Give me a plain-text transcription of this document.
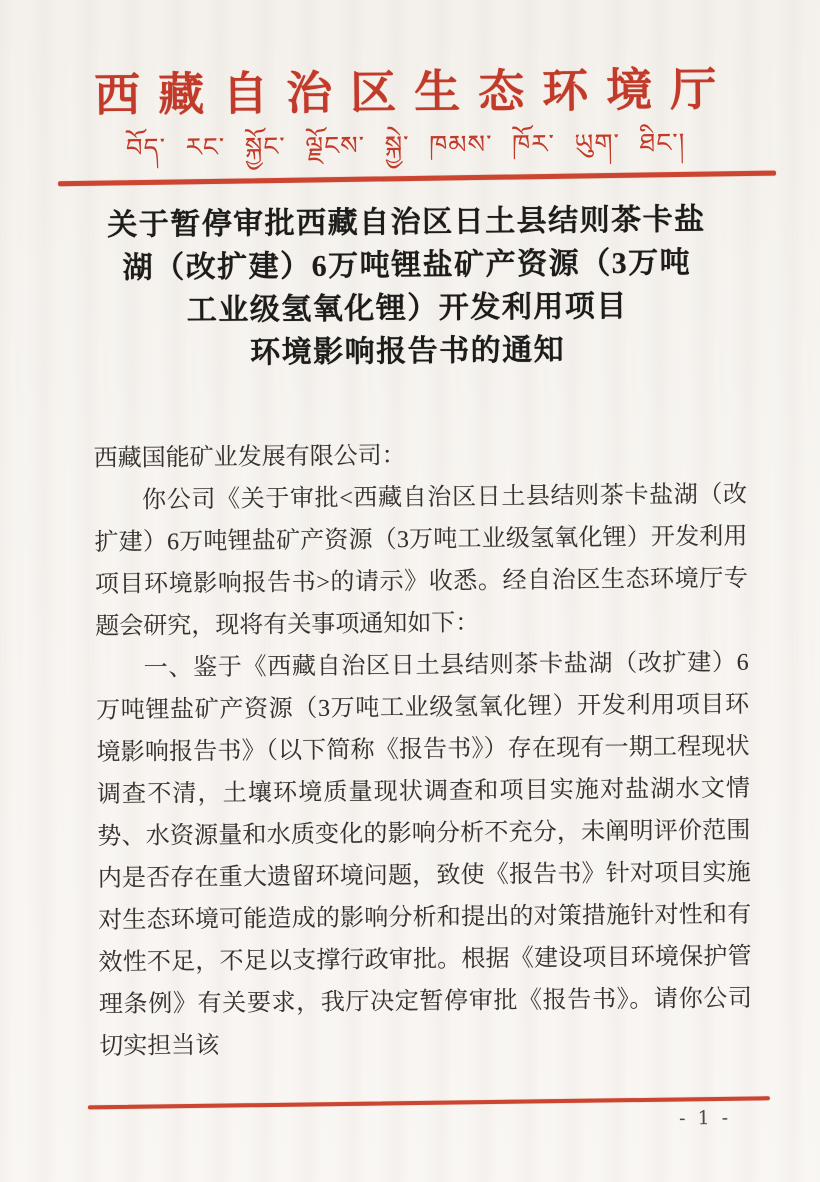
西藏自治区生态环境厅
བོད་ རང་ སྐྱོང་ ལྗོངས་ སྐྱེ་ ཁམས་ ཁོར་ ཡུག་ ཐིང་།
关于暂停审批西藏自治区日土县结则茶卡盐
湖（改扩建）6万吨锂盐矿产资源（3万吨
工业级氢氧化锂）开发利用项目
环境影响报告书的通知

西藏国能矿业发展有限公司：

你公司《关于审批<西藏自治区日土县结则茶卡盐湖（改扩建）6万吨锂盐矿产资源（3万吨工业级氢氧化锂）开发利用项目环境影响报告书>的请示》收悉。经自治区生态环境厅专题会研究，现将有关事项通知如下：

一、鉴于《西藏自治区日土县结则茶卡盐湖（改扩建）6万吨锂盐矿产资源（3万吨工业级氢氧化锂）开发利用项目环境影响报告书》（以下简称《报告书》）存在现有一期工程现状调查不清，土壤环境质量现状调查和项目实施对盐湖水文情势、水资源量和水质变化的影响分析不充分，未阐明评价范围内是否存在重大遗留环境问题，致使《报告书》针对项目实施对生态环境可能造成的影响分析和提出的对策措施针对性和有效性不足，不足以支撑行政审批。根据《建设项目环境保护管理条例》有关要求，我厅决定暂停审批《报告书》。请你公司切实担当该

- 1 -
